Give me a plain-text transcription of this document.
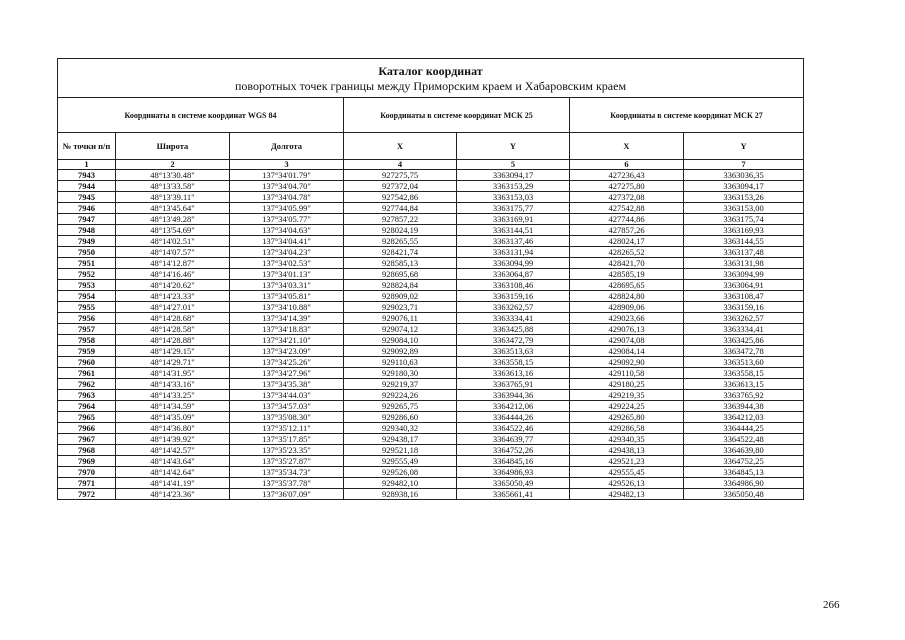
Каталог координат
поворотных точек границы между Приморским краем и Хабаровским краем						

Координаты в системе координат WGS 84			Координаты в системе координат МСК 25		Координаты в системе координат МСК 27	
№ точки п/п	Широта	Долгота	X	Y	X	Y
1	2	3	4	5	6	7
7943	48°13'30.48"	137°34'01.79"	927275,75	3363094,17	427236,43	3363036,35
7944	48°13'33.58"	137°34'04.70"	927372,04	3363153,29	427275,80	3363094,17
7945	48°13'39.11"	137°34'04.78"	927542,86	3363153,03	427372,08	3363153,26
7946	48°13'45.64"	137°34'05.99"	927744,84	3363175,77	427542,88	3363153,00
7947	48°13'49.28"	137°34'05.77"	927857,22	3363169,91	427744,86	3363175,74
7948	48°13'54.69"	137°34'04.63"	928024,19	3363144,51	427857,26	3363169,93
7949	48°14'02.51"	137°34'04.41"	928265,55	3363137,46	428024,17	3363144,55
7950	48°14'07.57"	137°34'04.23"	928421,74	3363131,94	428265,52	3363137,48
7951	48°14'12.87"	137°34'02.53"	928585,13	3363094,99	428421,70	3363131,98
7952	48°14'16.46"	137°34'01.13"	928695,68	3363064,87	428585,19	3363094,99
7953	48°14'20.62"	137°34'03.31"	928824,84	3363108,46	428695,65	3363064,91
7954	48°14'23.33"	137°34'05.81"	928909,02	3363159,16	428824,80	3363108,47
7955	48°14'27.01"	137°34'10.88"	929023,71	3363262,57	428909,06	3363159,16
7956	48°14'28.68"	137°34'14.39"	929076,11	3363334,41	429023,66	3363262,57
7957	48°14'28.58"	137°34'18.83"	929074,12	3363425,88	429076,13	3363334,41
7958	48°14'28.88"	137°34'21.10"	929084,10	3363472,79	429074,08	3363425,86
7959	48°14'29.15"	137°34'23.09"	929092,89	3363513,63	429084,14	3363472,78
7960	48°14'29.71"	137°34'25.26"	929110,63	3363558,15	429092,90	3363513,60
7961	48°14'31.95"	137°34'27.96"	929180,30	3363613,16	429110,58	3363558,15
7962	48°14'33.16"	137°34'35.38"	929219,37	3363765,91	429180,25	3363613,15
7963	48°14'33.25"	137°34'44.03"	929224,26	3363944,36	429219,35	3363765,92
7964	48°14'34.59"	137°34'57.03"	929265,75	3364212,06	429224,25	3363944,38
7965	48°14'35.09"	137°35'08.30"	929286,60	3364444,26	429265,80	3364212,03
7966	48°14'36.80"	137°35'12.11"	929340,32	3364522,46	429286,58	3364444,25
7967	48°14'39.92"	137°35'17.85"	929438,17	3364639,77	429340,35	3364522,48
7968	48°14'42.57"	137°35'23.35"	929521,18	3364752,26	429438,13	3364639,80
7969	48°14'43.64"	137°35'27.87"	929555,49	3364845,16	429521,23	3364752,25
7970	48°14'42.64"	137°35'34.73"	929526,08	3364986,93	429555,45	3364845,13
7971	48°14'41.19"	137°35'37.78"	929482,10	3365050,49	429526,13	3364986,90
7972	48°14'23.36"	137°36'07.09"	928938,16	3365661,41	429482,13	3365050,48
266
